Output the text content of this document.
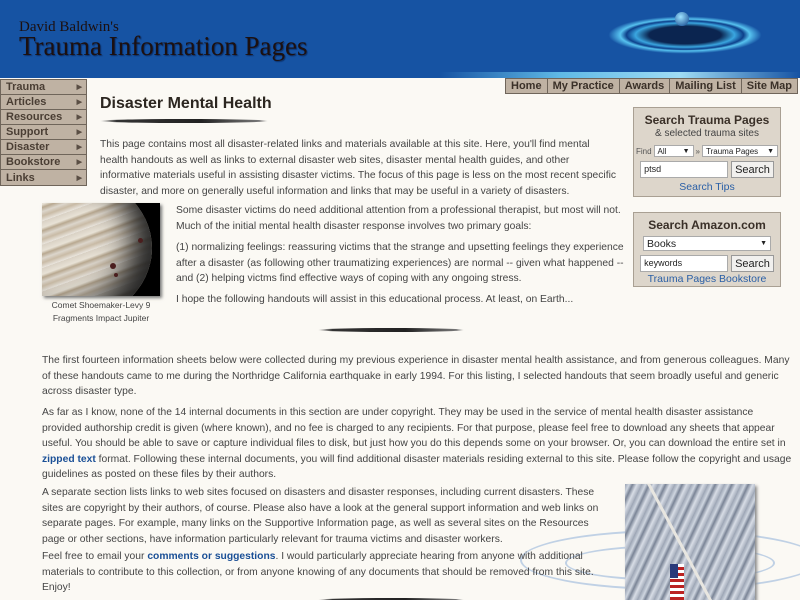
David Baldwin's
Trauma Information Pages
Home	My Practice	Awards	Mailing List	Site Map
Trauma	▶
Articles	▶
Resources ▶
Support	▶
Disaster	▶
Bookstore ▶
Links	▶
Disaster Mental Health

This page contains most all disaster-related links and materials available at this site. Here, you'll find mental health handouts as well as links to external disaster web sites, disaster mental health guides, and other informative materials useful in assisting disaster victims. The focus of this page is less on the most recent specific disaster, and more on generally useful information and links that may be useful in a variety of disasters.

Comet Shoemaker-Levy 9
Fragments Impact Jupiter

Some disaster victims do need additional attention from a professional therapist, but most will not. Much of the initial mental health disaster response involves two primary goals:

(1) normalizing feelings: reassuring victims that the strange and upsetting feelings they experience after a disaster (as following other traumatizing experiences) are normal -- given what happened -- and (2) helping victms find effective ways of coping with any ongoing stress.

I hope the following handouts will assist in this educational process. At least, on Earth...

The first fourteen information sheets below were collected during my previous experience in disaster mental health assistance, and from generous colleagues. Many of these handouts came to me during the Northridge California earthquake in early 1994. For this listing, I selected handouts that seem broadly useful and generic across disaster type.

As far as I know, none of the 14 internal documents in this section are under copyright. They may be used in the service of mental health disaster assistance provided authorship credit is given (where known), and no fee is charged to any recipients. For that purpose, please feel free to download any sheets that appear useful. You should be able to save or capture individual files to disk, but just how you do this depends some on your browser. Or, you can download the entire set in zipped text format. Following these internal documents, you will find additional disaster materials residing external to this site. Please follow the copyright and usage guidelines as posted on these files by their authors.

A separate section lists links to web sites focused on disasters and disaster responses, including current disasters. These sites are copyright by their authors, of course. Please also have a look at the general support information and web links on separate pages. For example, many links on the Supportive Information page, as well as several sites on the Resources page or other sections, have information particularly relevant for trauma victims and disaster workers.

Feel free to email your comments or suggestions. I would particularly appreciate hearing from anyone with additional materials to contribute to this collection, or from anyone knowing of any documents that should be removed from this site. Enjoy!

Search Trauma Pages
& selected trauma sites
Find All ▼ » Trauma Pages ▼
ptsd	Search
Search Tips
Search Amazon.com
Books	▼
keywords	Search
Trauma Pages Bookstore
